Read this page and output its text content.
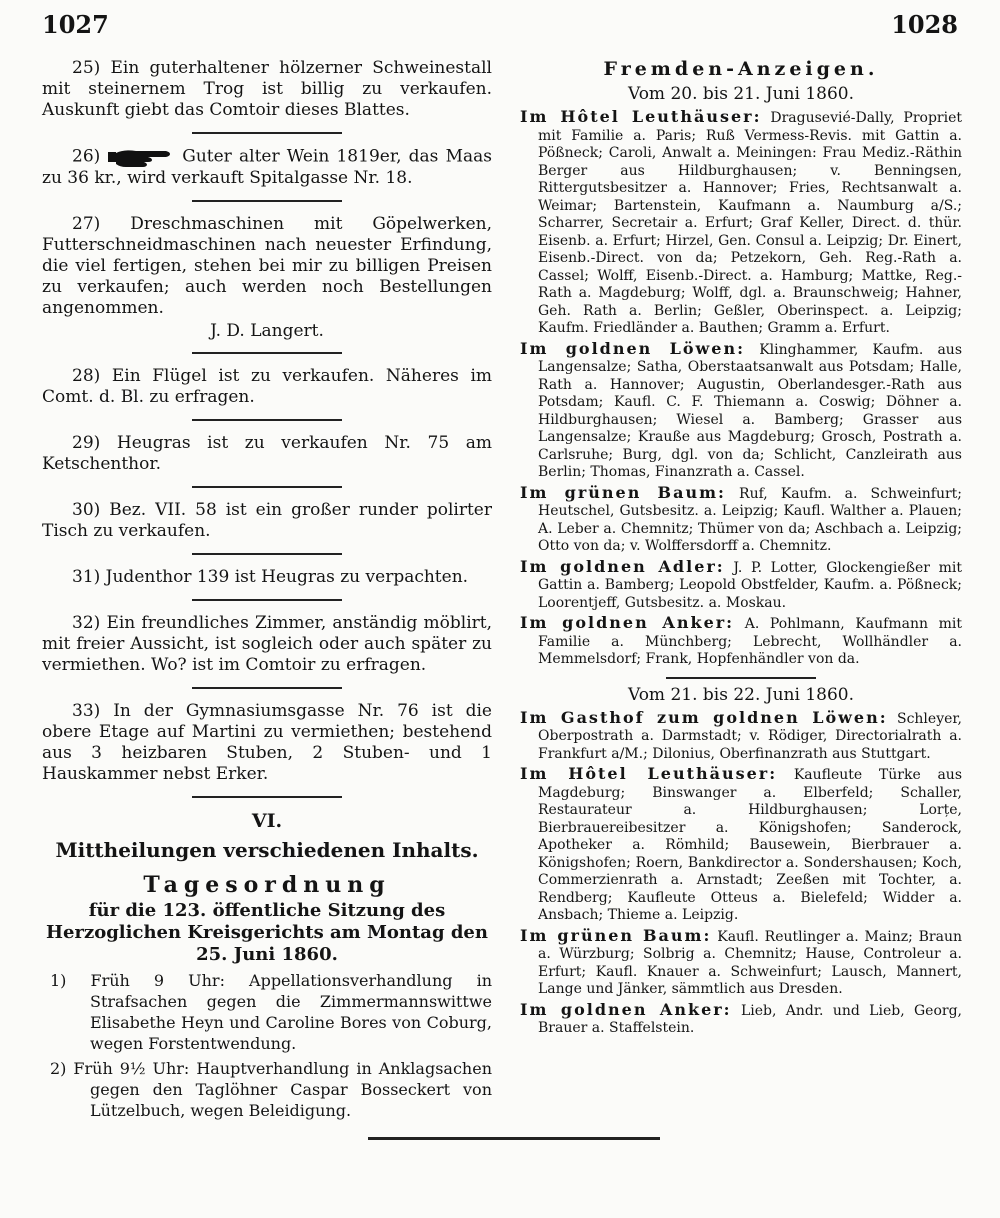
1027	1028

25) Ein guterhaltener hölzerner Schweinestall mit steinernem Trog ist billig zu verkaufen. Auskunft giebt das Comtoir dieses Blattes.

26)	Guter alter Wein 1819er, das Maas zu 36 kr., wird verkauft Spitalgasse Nr. 18.

27) Dreschmaschinen mit Göpelwerken, Futterschneidmaschinen nach neuester Erfindung, die viel fertigen, stehen bei mir zu billigen Preisen zu verkaufen; auch werden noch Bestellungen angenommen.

J. D. Langert.

28) Ein Flügel ist zu verkaufen. Näheres im Comt. d. Bl. zu erfragen.

29) Heugras ist zu verkaufen Nr. 75 am Ketschenthor.

30) Bez. VII. 58 ist ein großer runder polirter Tisch zu verkaufen.

31) Judenthor 139 ist Heugras zu verpachten.

32) Ein freundliches Zimmer, anständig möblirt, mit freier Aussicht, ist sogleich oder auch später zu vermiethen. Wo? ist im Comtoir zu erfragen.

33) In der Gymnasiumsgasse Nr. 76 ist die obere Etage auf Martini zu vermiethen; bestehend aus 3 heizbaren Stuben, 2 Stuben- und 1 Hauskammer nebst Erker.

VI.
Mittheilungen verschiedenen Inhalts.
Tagesordnung
für die 123. öffentliche Sitzung des Herzoglichen Kreisgerichts am Montag den 25. Juni 1860.

1) Früh 9 Uhr: Appellationsverhandlung in Strafsachen gegen die Zimmermannswittwe Elisabethe Heyn und Caroline Bores von Coburg, wegen Forstentwendung.

2) Früh 9½ Uhr: Hauptverhandlung in Anklagsachen gegen den Taglöhner Caspar Bosseckert von Lützelbuch, wegen Beleidigung.

Fremden-Anzeigen.
Vom 20. bis 21. Juni 1860.

Im Hôtel Leuthäuser: Dragusevié-Dally, Propriet mit Familie a. Paris; Ruß Vermess-Revis. mit Gattin a. Pößneck; Caroli, Anwalt a. Meiningen: Frau Mediz.-Räthin Berger aus Hildburghausen; v. Benningsen, Rittergutsbesitzer a. Hannover; Fries, Rechtsanwalt a. Weimar; Bartenstein, Kaufmann a. Naumburg a/S.; Scharrer, Secretair a. Erfurt; Graf Keller, Direct. d. thür. Eisenb. a. Erfurt; Hirzel, Gen. Consul a. Leipzig; Dr. Einert, Eisenb.-Direct. von da; Petzekorn, Geh. Reg.-Rath a. Cassel; Wolff, Eisenb.-Direct. a. Hamburg; Mattke, Reg.-Rath a. Magdeburg; Wolff, dgl. a. Braunschweig; Hahner, Geh. Rath a. Berlin; Geßler, Oberinspect. a. Leipzig; Kaufm. Friedländer a. Bauthen; Gramm a. Erfurt.

Im goldnen Löwen: Klinghammer, Kaufm. aus Langensalze; Satha, Oberstaatsanwalt aus Potsdam; Halle, Rath a. Hannover; Augustin, Oberlandesger.-Rath aus Potsdam; Kaufl. C. F. Thiemann a. Coswig; Döhner a. Hildburghausen; Wiesel a. Bamberg; Grasser aus Langensalze; Krauße aus Magdeburg; Grosch, Postrath a. Carlsruhe; Burg, dgl. von da; Schlicht, Canzleirath aus Berlin; Thomas, Finanzrath a. Cassel.

Im grünen Baum: Ruf, Kaufm. a. Schweinfurt; Heutschel, Gutsbesitz. a. Leipzig; Kaufl. Walther a. Plauen; A. Leber a. Chemnitz; Thümer von da; Aschbach a. Leipzig; Otto von da; v. Wolffersdorff a. Chemnitz.

Im goldnen Adler: J. P. Lotter, Glockengießer mit Gattin a. Bamberg; Leopold Obstfelder, Kaufm. a. Pößneck; Loorentjeff, Gutsbesitz. a. Moskau.

Im goldnen Anker: A. Pohlmann, Kaufmann mit Familie a. Münchberg; Lebrecht, Wollhändler a. Memmelsdorf; Frank, Hopfenhändler von da.

Vom 21. bis 22. Juni 1860.

Im Gasthof zum goldnen Löwen: Schleyer, Oberpostrath a. Darmstadt; v. Rödiger, Directorialrath a. Frankfurt a/M.; Dilonius, Oberfinanzrath aus Stuttgart.

Im Hôtel Leuthäuser: Kaufleute Türke aus Magdeburg; Binswanger a. Elberfeld; Schaller, Restaurateur a. Hildburghausen; Lorțe, Bierbrauereibesitzer a. Königshofen; Sanderock, Apotheker a. Römhild; Bausewein, Bierbrauer a. Königshofen; Roern, Bankdirector a. Sondershausen; Koch, Commerzienrath a. Arnstadt; Zeeßen mit Tochter, a. Rendberg; Kaufleute Otteus a. Bielefeld; Widder a. Ansbach; Thieme a. Leipzig.

Im grünen Baum: Kaufl. Reutlinger a. Mainz; Braun a. Würzburg; Solbrig a. Chemnitz; Hause, Controleur a. Erfurt; Kaufl. Knauer a. Schweinfurt; Lausch, Mannert, Lange und Jänker, sämmtlich aus Dresden.

Im goldnen Anker: Lieb, Andr. und Lieb, Georg, Brauer a. Staffelstein.
